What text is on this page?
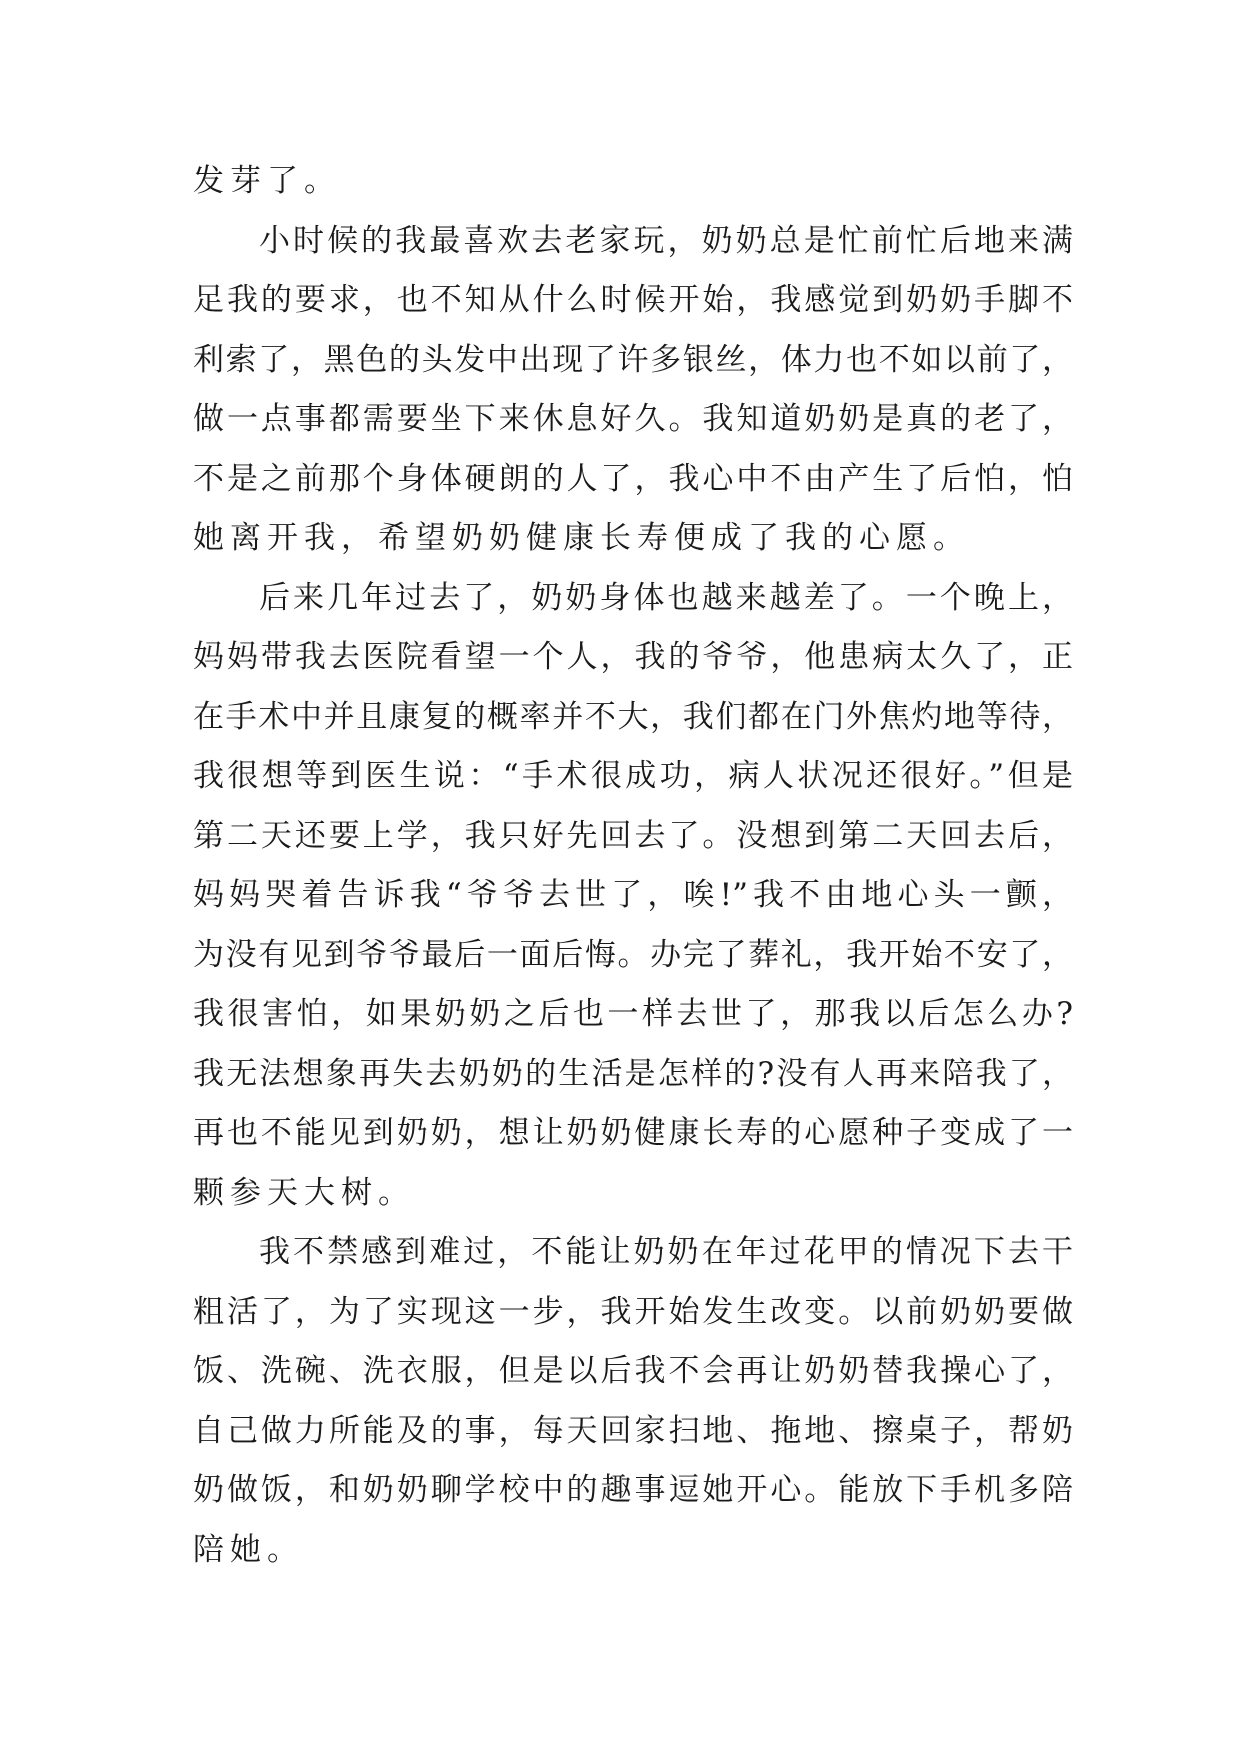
发芽了。
小时候的我最喜欢去老家玩，奶奶总是忙前忙后地来满
足我的要求，也不知从什么时候开始，我感觉到奶奶手脚不
利索了，黑色的头发中出现了许多银丝，体力也不如以前了，
做一点事都需要坐下来休息好久。我知道奶奶是真的老了，
不是之前那个身体硬朗的人了，我心中不由产生了后怕，怕
她离开我，希望奶奶健康长寿便成了我的心愿。
后来几年过去了，奶奶身体也越来越差了。一个晚上，
妈妈带我去医院看望一个人，我的爷爷，他患病太久了，正
在手术中并且康复的概率并不大，我们都在门外焦灼地等待，
我很想等到医生说：“手术很成功，病人状况还很好。”但是
第二天还要上学，我只好先回去了。没想到第二天回去后，
妈妈哭着告诉我“爷爷去世了，唉!”我不由地心头一颤，
为没有见到爷爷最后一面后悔。办完了葬礼，我开始不安了，
我很害怕，如果奶奶之后也一样去世了，那我以后怎么办?
我无法想象再失去奶奶的生活是怎样的?没有人再来陪我了，
再也不能见到奶奶，想让奶奶健康长寿的心愿种子变成了一
颗参天大树。
我不禁感到难过，不能让奶奶在年过花甲的情况下去干
粗活了，为了实现这一步，我开始发生改变。以前奶奶要做
饭、洗碗、洗衣服，但是以后我不会再让奶奶替我操心了，
自己做力所能及的事，每天回家扫地、拖地、擦桌子，帮奶
奶做饭，和奶奶聊学校中的趣事逗她开心。能放下手机多陪
陪她。
